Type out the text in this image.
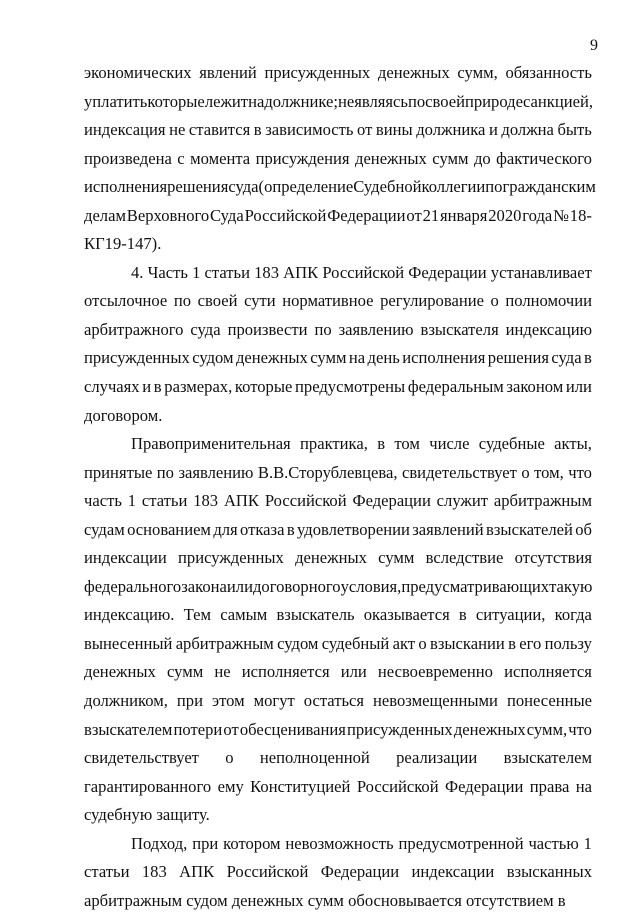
9
экономических явлений присужденных денежных сумм, обязанность
уплатить которые лежит на должнике; не являясь по своей природе санкцией,
индексация не ставится в зависимость от вины должника и должна быть
произведена с момента присуждения денежных сумм до фактического
исполнения решения суда (определение Судебной коллегии по гражданским
делам Верховного Суда Российской Федерации от 21 января 2020 года № 18-
КГ19-147).
4. Часть 1 статьи 183 АПК Российской Федерации устанавливает
отсылочное по своей сути нормативное регулирование о полномочии
арбитражного суда произвести по заявлению взыскателя индексацию
присужденных судом денежных сумм на день исполнения решения суда в
случаях и в размерах, которые предусмотрены федеральным законом или
договором.
Правоприменительная практика, в том числе судебные акты,
принятые по заявлению В.В.Сторублевцева, свидетельствует о том, что
часть 1 статьи 183 АПК Российской Федерации служит арбитражным
судам основанием для отказа в удовлетворении заявлений взыскателей об
индексации присужденных денежных сумм вследствие отсутствия
федерального закона или договорного условия, предусматривающих такую
индексацию. Тем самым взыскатель оказывается в ситуации, когда
вынесенный арбитражным судом судебный акт о взыскании в его пользу
денежных сумм не исполняется или несвоевременно исполняется
должником, при этом могут остаться невозмещенными понесенные
взыскателем потери от обесценивания присужденных денежных сумм, что
свидетельствует о неполноценной реализации взыскателем
гарантированного ему Конституцией Российской Федерации права на
судебную защиту.
Подход, при котором невозможность предусмотренной частью 1
статьи 183 АПК Российской Федерации индексации взысканных
арбитражным судом денежных сумм обосновывается отсутствием в
